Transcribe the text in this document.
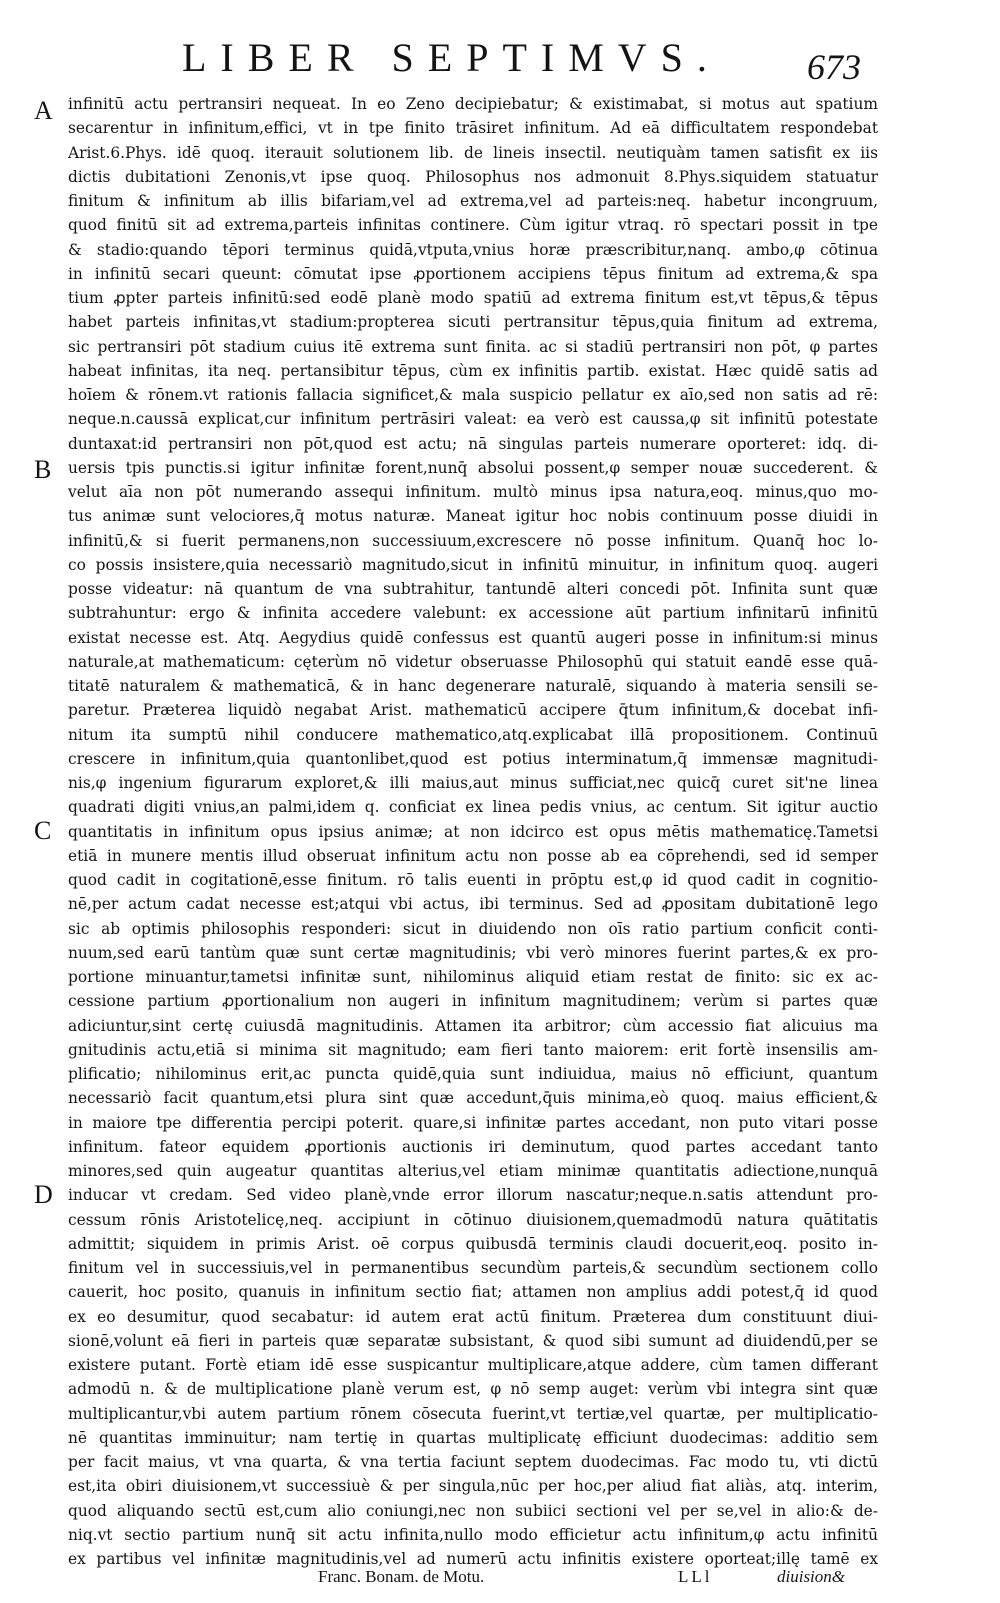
LIBER SEPTIMVS. 673
A
B
C
D
infinitū actu pertransiri nequeat. In eo Zeno decipiebatur; & existimabat, si motus aut spatium
secarentur in infinitum,effici, vt in tpe finito trāsiret infinitum. Ad eā difficultatem respondebat
Arist.6.Phys. idē quoq. iterauit solutionem lib. de lineis insectil. neutiquàm tamen satisfit ex iis
dictis dubitationi Zenonis,vt ipse quoq. Philosophus nos admonuit 8.Phys.siquidem statuatur
finitum & infinitum ab illis bifariam,vel ad extrema,vel ad parteis:neq. habetur incongruum,
quod finitū sit ad extrema,parteis infinitas continere. Cùm igitur vtraq. rō spectari possit in tpe
& stadio:quando tēpori terminus quidā,vtputa,vnius horæ præscribitur,nanq. ambo,φ cōtinua
in infinitū secari queunt: cōmutat ipse ꝓportionem accipiens tēpus finitum ad extrema,& spa
tium ꝓpter parteis infinitū:sed eodē planè modo spatiū ad extrema finitum est,vt tēpus,& tēpus
habet parteis infinitas,vt stadium:propterea sicuti pertransitur tēpus,quia finitum ad extrema,
sic pertransiri pōt stadium cuius itē extrema sunt finita. ac si stadiū pertransiri non pōt, φ partes
habeat infinitas, ita neq. pertansibitur tēpus, cùm ex infinitis partib. existat. Hæc quidē satis ad
hoīem & rōnem.vt rationis fallacia significet,& mala suspicio pellatur ex aīo,sed non satis ad rē:
neque.n.caussā explicat,cur infinitum pertrāsiri valeat: ea verò est caussa,φ sit infinitū potestate
duntaxat:id pertransiri non pōt,quod est actu; nā singulas parteis numerare oporteret: idq. di-
uersis tpis punctis.si igitur infinitæ forent,nunq̄ absolui possent,φ semper nouæ succederent. &
velut aīa non pōt numerando assequi infinitum. multò minus ipsa natura,eoq. minus,quo mo-
tus animæ sunt velociores,q̄ motus naturæ. Maneat igitur hoc nobis continuum posse diuidi in
infinitū,& si fuerit permanens,non successiuum,excrescere nō posse infinitum. Quanq̄ hoc lo-
co possis insistere,quia necessariò magnitudo,sicut in infinitū minuitur, in infinitum quoq. augeri
posse videatur: nā quantum de vna subtrahitur, tantundē alteri concedi pōt. Infinita sunt quæ
subtrahuntur: ergo & infinita accedere valebunt: ex accessione aūt partium infinitarū infinitū
existat necesse est. Atq. Aegydius quidē confessus est quantū augeri posse in infinitum:si minus
naturale,at mathematicum: cęterùm nō videtur obseruasse Philosophū qui statuit eandē esse quā-
titatē naturalem & mathematicā, & in hanc degenerare naturalē, siquando à materia sensili se-
paretur. Præterea liquidò negabat Arist. mathematicū accipere q̄tum infinitum,& docebat infi-
nitum ita sumptū nihil conducere mathematico,atq.explicabat illā propositionem. Continuū
crescere in infinitum,quia quantonlibet,quod est potius interminatum,q̄ immensæ magnitudi-
nis,φ ingenium figurarum exploret,& illi maius,aut minus sufficiat,nec quicq̄ curet sit'ne linea
quadrati digiti vnius,an palmi,idem q. conficiat ex linea pedis vnius, ac centum. Sit igitur auctio
quantitatis in infinitum opus ipsius animæ; at non idcirco est opus mētis mathematicę.Tametsi
etiā in munere mentis illud obseruat infinitum actu non posse ab ea cōprehendi, sed id semper
quod cadit in cogitationē,esse finitum. rō talis euenti in prōptu est,φ id quod cadit in cognitio-
nē,per actum cadat necesse est;atqui vbi actus, ibi terminus. Sed ad ꝓpositam dubitationē lego
sic ab optimis philosophis responderi: sicut in diuidendo non oīs ratio partium conficit conti-
nuum,sed earū tantùm quæ sunt certæ magnitudinis; vbi verò minores fuerint partes,& ex pro-
portione minuantur,tametsi infinitæ sunt, nihilominus aliquid etiam restat de finito: sic ex ac-
cessione partium ꝓportionalium non augeri in infinitum magnitudinem; verùm si partes quæ
adiciuntur,sint certę cuiusdā magnitudinis. Attamen ita arbitror; cùm accessio fiat alicuius ma
gnitudinis actu,etiā si minima sit magnitudo; eam fieri tanto maiorem: erit fortè insensilis am-
plificatio; nihilominus erit,ac puncta quidē,quia sunt indiuidua, maius nō efficiunt, quantum
necessariò facit quantum,etsi plura sint quæ accedunt,q̄uis minima,eò quoq. maius efficient,&
in maiore tpe differentia percipi poterit. quare,si infinitæ partes accedant, non puto vitari posse
infinitum. fateor equidem ꝓportionis auctionis iri deminutum, quod partes accedant tanto
minores,sed quin augeatur quantitas alterius,vel etiam minimæ quantitatis adiectione,nunquā
inducar vt credam. Sed video planè,vnde error illorum nascatur;neque.n.satis attendunt pro-
cessum rōnis Aristotelicę,neq. accipiunt in cōtinuo diuisionem,quemadmodū natura quātitatis
admittit; siquidem in primis Arist. oē corpus quibusdā terminis claudi docuerit,eoq. posito in-
finitum vel in successiuis,vel in permanentibus secundùm parteis,& secundùm sectionem collo
cauerit, hoc posito, quanuis in infinitum sectio fiat; attamen non amplius addi potest,q̄ id quod
ex eo desumitur, quod secabatur: id autem erat actū finitum. Præterea dum constituunt diui-
sionē,volunt eā fieri in parteis quæ separatæ subsistant, & quod sibi sumunt ad diuidendū,per se
existere putant. Fortè etiam idē esse suspicantur multiplicare,atque addere, cùm tamen differant
admodū n. & de multiplicatione planè verum est, φ nō semp auget: verùm vbi integra sint quæ
multiplicantur,vbi autem partium rōnem cōsecuta fuerint,vt tertiæ,vel quartæ, per multiplicatio-
nē quantitas imminuitur; nam tertię in quartas multiplicatę efficiunt duodecimas: additio sem
per facit maius, vt vna quarta, & vna tertia faciunt septem duodecimas. Fac modo tu, vti dictū
est,ita obiri diuisionem,vt successiuè & per singula,nūc per hoc,per aliud fiat aliàs, atq. interim,
quod aliquando sectū est,cum alio coniungi,nec non subiici sectioni vel per se,vel in alio:& de-
niq.vt sectio partium nunq̄ sit actu infinita,nullo modo efficietur actu infinitum,φ actu infinitū
ex partibus vel infinitæ magnitudinis,vel ad numerū actu infinitis existere oporteat;illę tamē ex
Franc. Bonam. de Motu.	LLl	diuision&
